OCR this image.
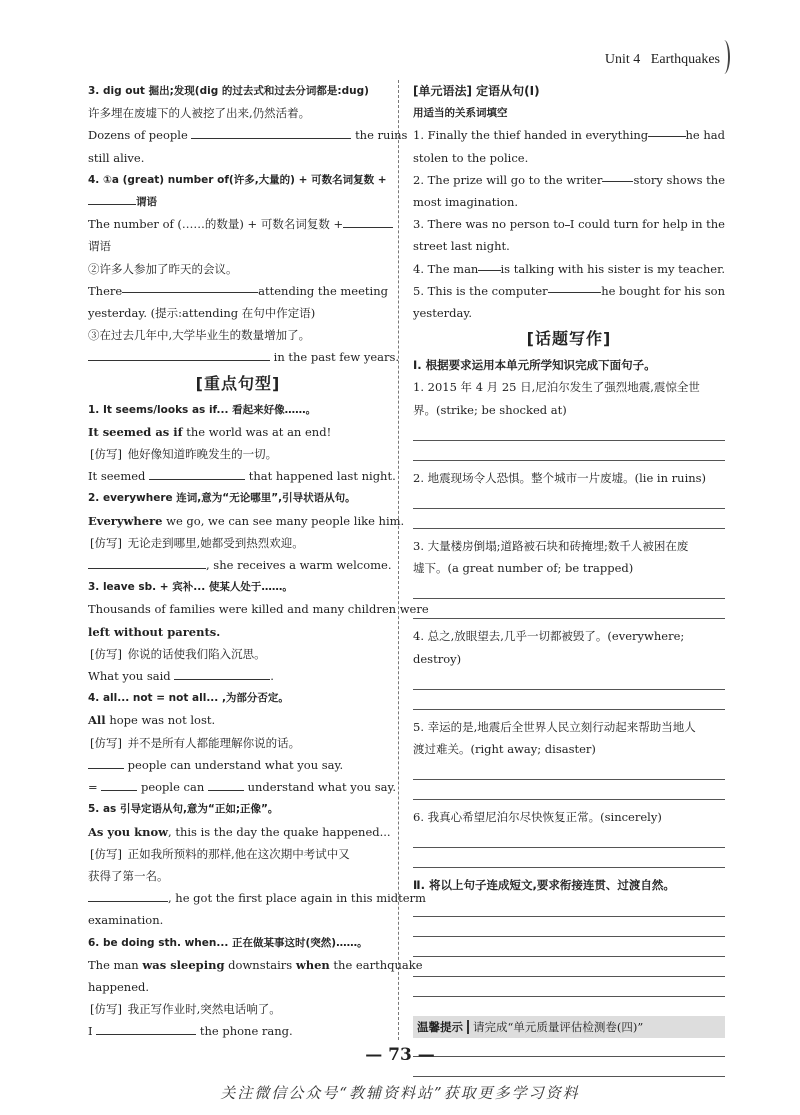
Unit 4 Earthquakes
3. dig out 掘出;发现(dig 的过去式和过去分词都是:dug)
许多埋在废墟下的人被挖了出来,仍然活着。
Dozens of people	the ruins
still alive.
4. ①a (great) number of(许多,大量的) + 可数名词复数 +
谓语
The number of (……的数量) + 可数名词复数 +
谓语
②许多人参加了昨天的会议。
There	attending the meeting
yesterday. (提示:attending 在句中作定语)
③在过去几年中,大学毕业生的数量增加了。
in the past few years.
[重点句型]
1. It seems/looks as if... 看起来好像……。
It seemed as if the world was at an end!
[仿写] 他好像知道昨晚发生的一切。
It seemed	that happened last night.
2. everywhere 连词,意为“无论哪里”,引导状语从句。
Everywhere we go, we can see many people like him.
[仿写] 无论走到哪里,她都受到热烈欢迎。
, she receives a warm welcome.
3. leave sb. + 宾补... 使某人处于……。
Thousands of families were killed and many children were
left without parents.
[仿写] 你说的话使我们陷入沉思。
What you said	.
4. all... not = not all... ,为部分否定。
All hope was not lost.
[仿写] 并不是所有人都能理解你说的话。
people can understand what you say.
=	people can	understand what you say.
5. as 引导定语从句,意为“正如;正像”。
As you know, this is the day the quake happened...
[仿写] 正如我所预料的那样,他在这次期中考试中又
获得了第一名。
, he got the first place again in this midterm
examination.
6. be doing sth. when... 正在做某事这时(突然)……。
The man was sleeping downstairs when the earthquake
happened.
[仿写] 我正写作业时,突然电话响了。
I	the phone rang.
[单元语法] 定语从句(Ⅰ)
用适当的关系词填空
1. Finally the thief handed in everything	he had
stolen to the police.
2. The prize will go to the writer	story shows the
most imagination.
3. There was no person to I could turn for help in the
street last night.
4. The man is talking with his sister is my teacher.
5. This is the computer	he bought for his son
yesterday.
[话题写作]
Ⅰ. 根据要求运用本单元所学知识完成下面句子。
1. 2015 年 4 月 25 日,尼泊尔发生了强烈地震,震惊全世
界。(strike; be shocked at)
2. 地震现场令人恐惧。整个城市一片废墟。(lie in ruins)
3. 大量楼房倒塌;道路被石块和砖掩埋;数千人被困在废
墟下。(a great number of; be trapped)
4. 总之,放眼望去,几乎一切都被毁了。(everywhere;
destroy)
5. 幸运的是,地震后全世界人民立刻行动起来帮助当地人
渡过难关。(right away; disaster)
6. 我真心希望尼泊尔尽快恢复正常。(sincerely)
Ⅱ. 将以上句子连成短文,要求衔接连贯、过渡自然。
温馨提示 请完成“单元质量评估检测卷(四)”
— 73 —
关注微信公众号“教辅资料站”获取更多学习资料
